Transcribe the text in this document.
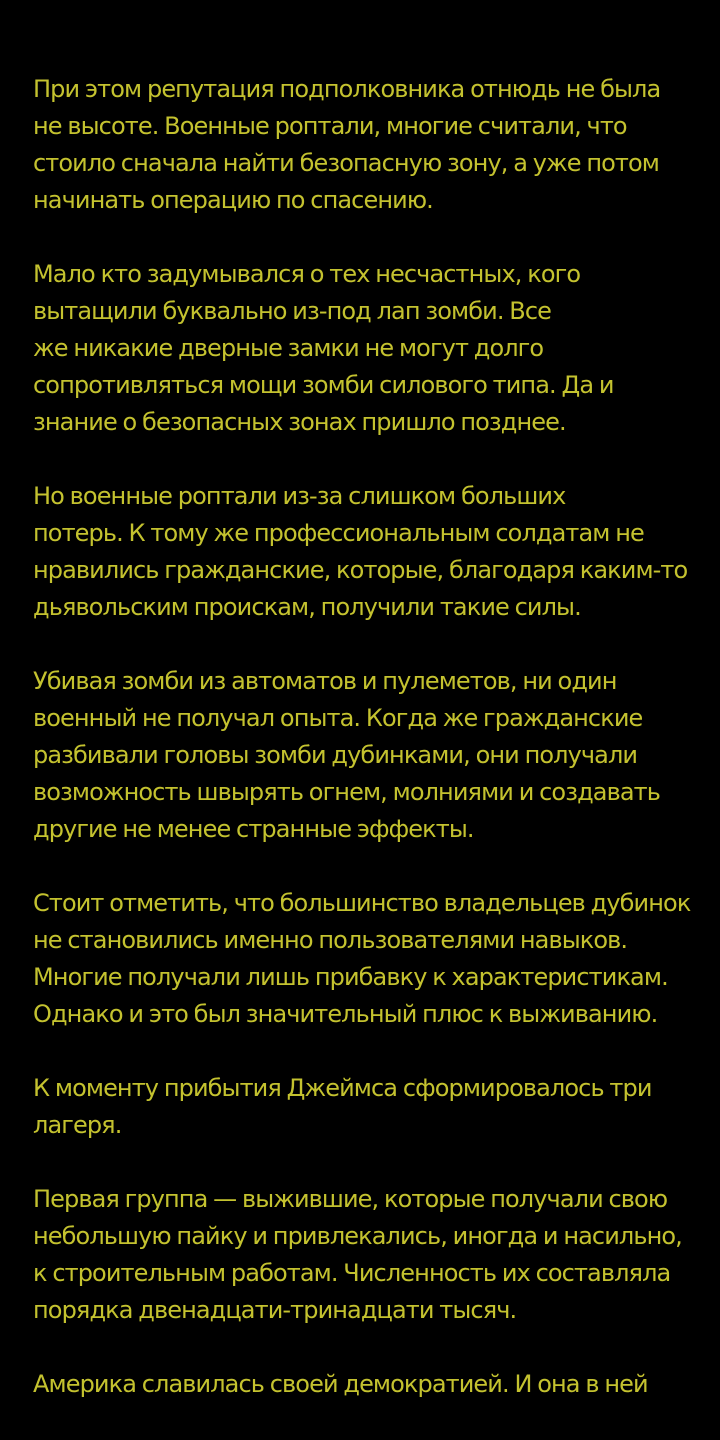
При этом репутация подполковника отнюдь не была
не высоте. Военные роптали, многие считали, что
стоило сначала найти безопасную зону, а уже потом
начинать операцию по спасению.

Мало кто задумывался о тех несчастных, кого
вытащили буквально из-под лап зомби. Все
же никакие дверные замки не могут долго
сопротивляться мощи зомби силового типа. Да и
знание о безопасных зонах пришло позднее.

Но военные роптали из-за слишком больших
потерь. К тому же профессиональным солдатам не
нравились гражданские, которые, благодаря каким-то
дьявольским проискам, получили такие силы.

Убивая зомби из автоматов и пулеметов, ни один
военный не получал опыта. Когда же гражданские
разбивали головы зомби дубинками, они получали
возможность швырять огнем, молниями и создавать
другие не менее странные эффекты.

Стоит отметить, что большинство владельцев дубинок
не становились именно пользователями навыков.
Многие получали лишь прибавку к характеристикам.
Однако и это был значительный плюс к выживанию.

К моменту прибытия Джеймса сформировалось три
лагеря.

Первая группа — выжившие, которые получали свою
небольшую пайку и привлекались, иногда и насильно,
к строительным работам. Численность их составляла
порядка двенадцати-тринадцати тысяч.

Америка славилась своей демократией. И она в ней
